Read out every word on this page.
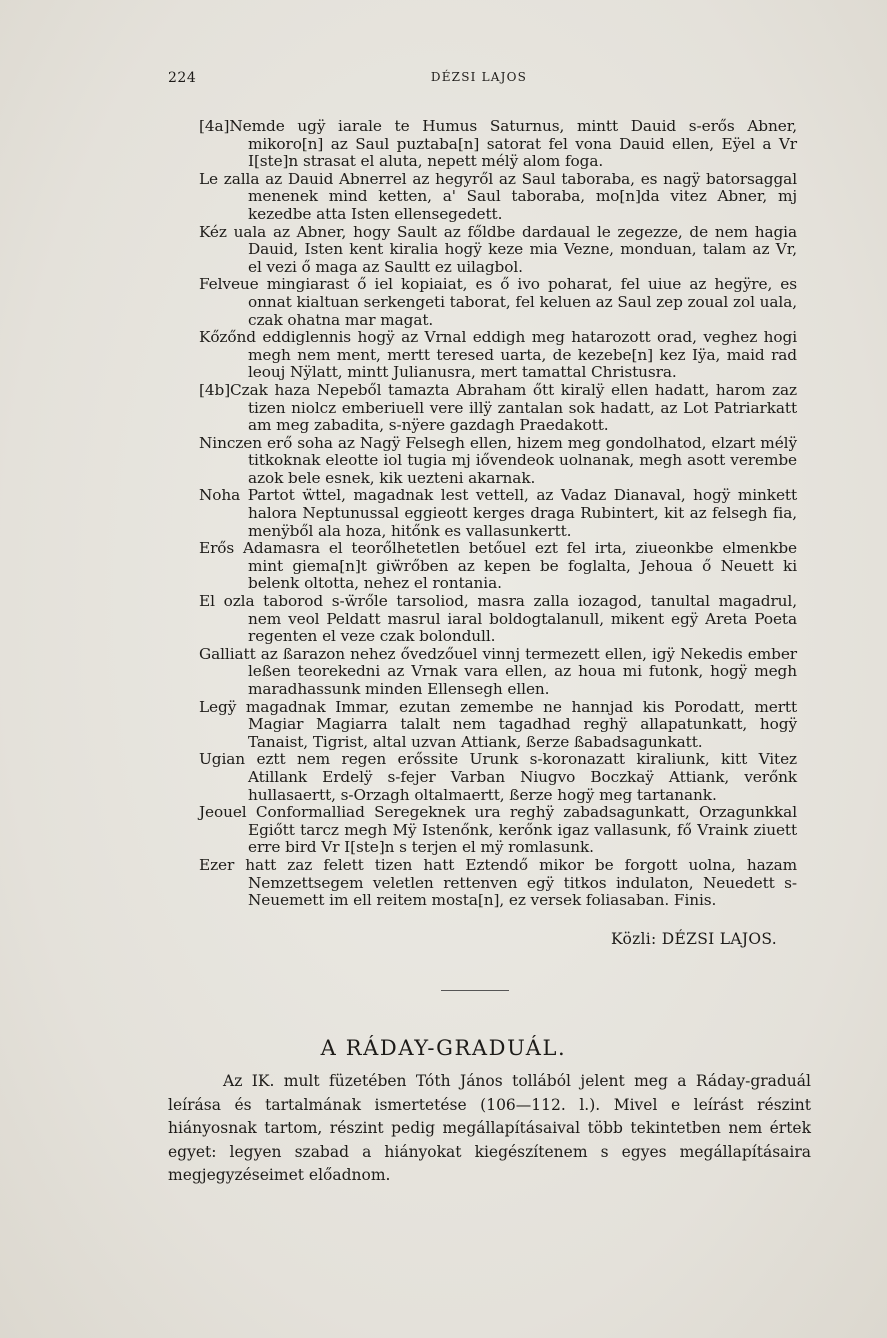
224	DÉZSI LAJOS

[4a]Nemde ugÿ iarale te Humus Saturnus, mintt Dauid s-erős Abner, mikoro[n] az Saul puztaba[n] satorat fel vona Dauid ellen, Eÿel a Vr I[ste]n strasat el aluta, nepett mélÿ alom foga.

Le zalla az Dauid Abnerrel az hegyről az Saul taboraba, es nagÿ batorsaggal menenek mind ketten, a' Saul taboraba, mo[n]da vitez Abner, mj kezedbe atta Isten ellensegedett.

Kéz uala az Abner, hogy Sault az főldbe dardaual le zegezze, de nem hagia Dauid, Isten kent kiralia hogÿ keze mia Vezne, monduan, talam az Vr, el vezi ő maga az Saultt ez uilagbol.

Felveue mingiarast ő iel kopiaiat, es ő ivo poharat, fel uiue az hegÿre, es onnat kialtuan serkengeti taborat, fel keluen az Saul zep zoual zol uala, czak ohatna mar magat.

Kőzőnd eddiglennis hogÿ az Vrnal eddigh meg hatarozott orad, veghez hogi megh nem ment, mertt teresed uarta, de kezebe[n] kez Iÿa, maid rad leouj Nÿlatt, mintt Julianusra, mert tamattal Christusra.

[4b]Czak haza Nepeből tamazta Abraham őtt kiralÿ ellen hadatt, harom zaz tizen niolcz emberiuell vere illÿ zantalan sok hadatt, az Lot Patriarkatt am meg zabadita, s-nÿere gazdagh Praedakott.

Ninczen erő soha az Nagÿ Felsegh ellen, hizem meg gondolhatod, elzart mélÿ titkoknak eleotte iol tugia mj iővendeok uolnanak, megh asott verembe azok bele esnek, kik uezteni akarnak.

Noha Partot ẅttel, magadnak lest vettell, az Vadaz Dianaval, hogÿ minkett halora Neptunussal eggieott kerges draga Rubintert, kit az felsegh fia, menÿből ala hoza, hitőnk es vallasunkertt.

Erős Adamasra el teorőlhetetlen betőuel ezt fel irta, ziueonkbe elmenkbe mint giema[n]t giẅrőben az kepen be foglalta, Jehoua ő Neuett ki belenk oltotta, nehez el rontania.

El ozla taborod s-ẅrőle tarsoliod, masra zalla iozagod, tanultal magadrul, nem veol Peldatt masrul iaral boldogtalanull, mikent egÿ Areta Poeta regenten el veze czak bolondull.

Galliatt az ßarazon nehez ővedzőuel vinnj termezett ellen, igÿ Nekedis ember leßen teorekedni az Vrnak vara ellen, az houa mi futonk, hogÿ megh maradhassunk minden Ellensegh ellen.

Legÿ magadnak Immar, ezutan zemembe ne hannjad kis Porodatt, mertt Magiar Magiarra talalt nem tagadhad reghÿ allapatunkatt, hogÿ Tanaist, Tigrist, altal uzvan Attiank, ßerze ßabadsagunkatt.

Ugian eztt nem regen erőssite Urunk s-koronazatt kiraliunk, kitt Vitez Atillank Erdelÿ s-fejer Varban Niugvo Boczkaÿ Attiank, verőnk hullasaertt, s-Orzagh oltalmaertt, ßerze hogÿ meg tartanank.

Jeouel Conformalliad Seregeknek ura reghÿ zabadsagunkatt, Orzagunkkal Egiőtt tarcz megh Mÿ Istenőnk, kerőnk igaz vallasunk, fő Vraink ziuett erre bird Vr I[ste]n s terjen el mÿ romlasunk.

Ezer hatt zaz felett tizen hatt Eztendő mikor be forgott uolna, hazam Nemzettsegem veletlen rettenven egÿ titkos indulaton, Neuedett s-Neuemett im ell reitem mosta[n], ez versek foliasaban. Finis.

Közli: DÉZSI LAJOS.
A RÁDAY-GRADUÁL.

Az IK. mult füzetében Tóth János tollából jelent meg a Ráday-graduál leírása és tartalmának ismertetése (106—112. l.). Mivel e leírást részint hiányosnak tartom, részint pedig megállapításaival több tekintetben nem értek egyet: legyen szabad a hiányokat kiegészítenem s egyes megállapításaira megjegyzéseimet előadnom.
